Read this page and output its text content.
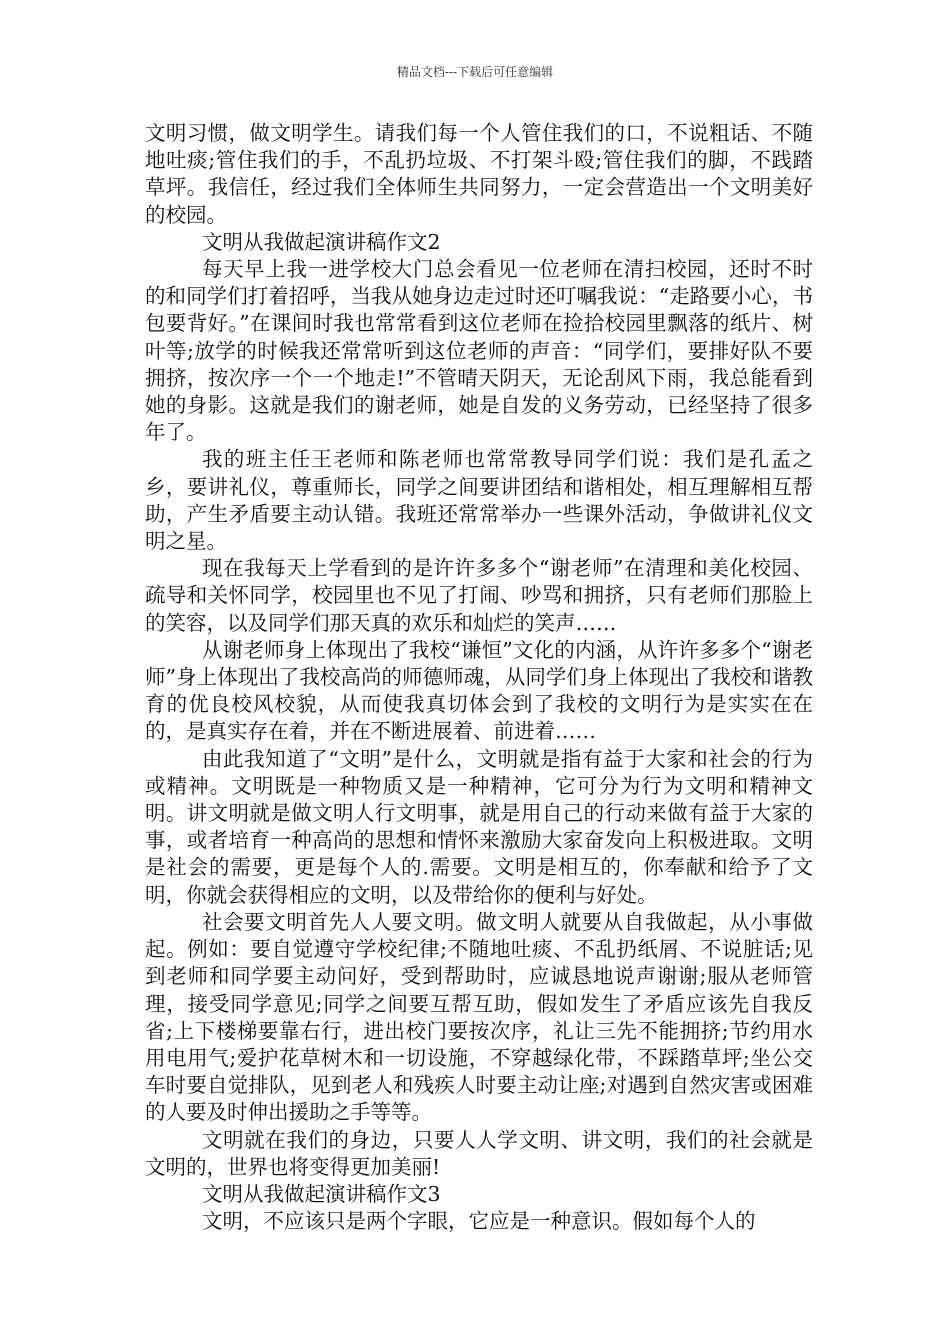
精品文档---下载后可任意编辑

文明习惯，做文明学生。请我们每一个人管住我们的口，不说粗话、不随地吐痰;管住我们的手，不乱扔垃圾、不打架斗殴;管住我们的脚，不践踏草坪。我信任，经过我们全体师生共同努力，一定会营造出一个文明美好的校园。

文明从我做起演讲稿作文2

每天早上我一进学校大门总会看见一位老师在清扫校园，还时不时的和同学们打着招呼，当我从她身边走过时还叮嘱我说：“走路要小心，书包要背好。”在课间时我也常常看到这位老师在捡拾校园里飘落的纸片、树叶等;放学的时候我还常常听到这位老师的声音：“同学们，要排好队不要拥挤，按次序一个一个地走!”不管晴天阴天，无论刮风下雨，我总能看到她的身影。这就是我们的谢老师，她是自发的义务劳动，已经坚持了很多年了。

我的班主任王老师和陈老师也常常教导同学们说：我们是孔孟之乡，要讲礼仪，尊重师长，同学之间要讲团结和谐相处，相互理解相互帮助，产生矛盾要主动认错。我班还常常举办一些课外活动，争做讲礼仪文明之星。

现在我每天上学看到的是许许多多个“谢老师”在清理和美化校园、疏导和关怀同学，校园里也不见了打闹、吵骂和拥挤，只有老师们那脸上的笑容，以及同学们那天真的欢乐和灿烂的笑声……

从谢老师身上体现出了我校“谦恒”文化的内涵，从许许多多个“谢老师”身上体现出了我校高尚的师德师魂，从同学们身上体现出了我校和谐教育的优良校风校貌，从而使我真切体会到了我校的文明行为是实实在在的，是真实存在着，并在不断进展着、前进着……

由此我知道了“文明”是什么，文明就是指有益于大家和社会的行为或精神。文明既是一种物质又是一种精神，它可分为行为文明和精神文明。讲文明就是做文明人行文明事，就是用自己的行动来做有益于大家的事，或者培育一种高尚的思想和情怀来激励大家奋发向上积极进取。文明是社会的需要，更是每个人的.需要。文明是相互的，你奉献和给予了文明，你就会获得相应的文明，以及带给你的便利与好处。

社会要文明首先人人要文明。做文明人就要从自我做起，从小事做起。例如：要自觉遵守学校纪律;不随地吐痰、不乱扔纸屑、不说脏话;见到老师和同学要主动问好，受到帮助时，应诚恳地说声谢谢;服从老师管理，接受同学意见;同学之间要互帮互助，假如发生了矛盾应该先自我反省;上下楼梯要靠右行，进出校门要按次序，礼让三先不能拥挤;节约用水用电用气;爱护花草树木和一切设施，不穿越绿化带，不踩踏草坪;坐公交车时要自觉排队，见到老人和残疾人时要主动让座;对遇到自然灾害或困难的人要及时伸出援助之手等等。

文明就在我们的身边，只要人人学文明、讲文明，我们的社会就是文明的，世界也将变得更加美丽!

文明从我做起演讲稿作文3

文明，不应该只是两个字眼，它应是一种意识。假如每个人的
